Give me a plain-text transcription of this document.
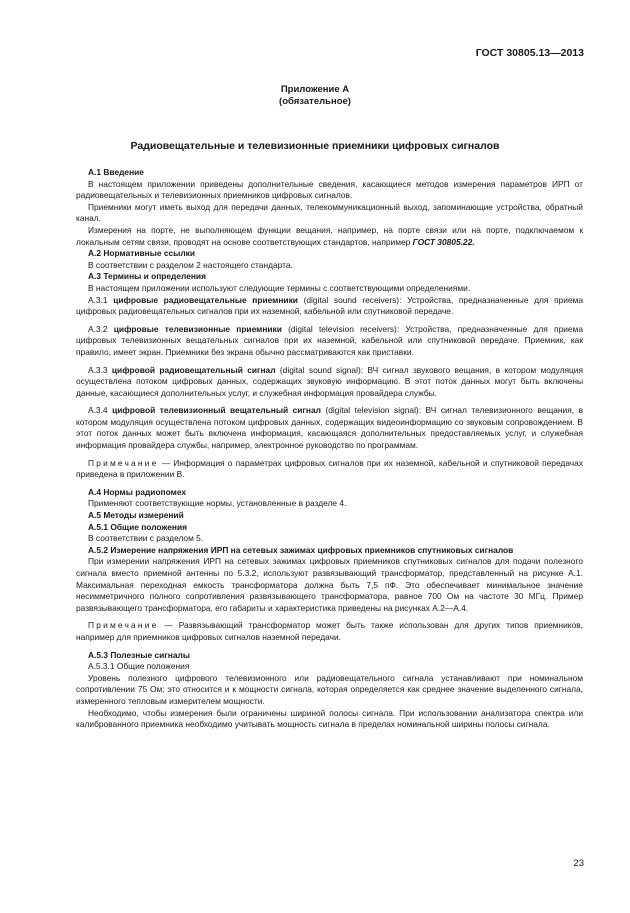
ГОСТ 30805.13—2013
Приложение А
(обязательное)
Радиовещательные и телевизионные приемники цифровых сигналов

А.1 Введение

В настоящем приложении приведены дополнительные сведения, касающиеся методов измерения параметров ИРП от радиовещательных и телевизионных приемников цифровых сигналов.

Приемники могут иметь выход для передачи данных, телекоммуникационный выход, запоминающие устройства, обратный канал.

Измерения на порте, не выполняющем функции вещания, например, на порте связи или на порте, подключаемом к локальным сетям связи, проводят на основе соответствующих стандартов, например ГОСТ 30805.22.

А.2 Нормативные ссылки

В соответствии с разделом 2 настоящего стандарта.

А.3 Термины и определения

В настоящем приложении используют следующие термины с соответствующими определениями.

А.3.1 цифровые радиовещательные приемники (digital sound receivers): Устройства, предназначенные для приема цифровых радиовещательных сигналов при их наземной, кабельной или спутниковой передаче.

А.3.2 цифровые телевизионные приемники (digital television receivers): Устройства, предназначенные для приема цифровых телевизионных вещательных сигналов при их наземной, кабельной или спутниковой передаче. Приемник, как правило, имеет экран. Приемники без экрана обычно рассматриваются как приставки.

А.3.3 цифровой радиовещательный сигнал (digital sound signal): ВЧ сигнал звукового вещания, в котором модуляция осуществлена потоком цифровых данных, содержащих звуковую информацию. В этот поток данных могут быть включены данные, касающиеся дополнительных услуг, и служебная информация провайдера службы.

А.3.4 цифровой телевизионный вещательный сигнал (digital television signal): ВЧ сигнал телевизионного вещания, в котором модуляция осуществлена потоком цифровых данных, содержащих видеоинформацию со звуковым сопровождением. В этот поток данных может быть включена информация, касающаяся дополнительных предоставляемых услуг, и служебная информация провайдера службы, например, электронное руководство по программам.

Примечание — Информация о параметрах цифровых сигналов при их наземной, кабельной и спутниковой передачах приведена в приложении В.

А.4 Нормы радиопомех

Применяют соответствующие нормы, установленные в разделе 4.

А.5 Методы измерений

А.5.1 Общие положения

В соответствии с разделом 5.

А.5.2 Измерение напряжения ИРП на сетевых зажимах цифровых приемников спутниковых сигналов

При измерении напряжения ИРП на сетевых зажимах цифровых приемников спутниковых сигналов для подачи полезного сигнала вместо приемной антенны по 5.3.2, используют развязывающий трансформатор, представленный на рисунке А.1. Максимальная переходная емкость трансформатора должна быть 7,5 пФ. Это обеспечивает минимальное значение несимметричного полного сопротивления развязывающего трансформатора, равное 700 Ом на частоте 30 МГц. Пример развязывающего трансформатора, его габариты и характеристика приведены на рисунках А.2—А.4.

Примечание — Развязывающий трансформатор может быть также использован для других типов приемников, например для приемников цифровых сигналов наземной передачи.

А.5.3 Полезные сигналы

А.5.3.1 Общие положения

Уровень полезного цифрового телевизионного или радиовещательного сигнала устанавливают при номинальном сопротивлении 75 Ом; это относится и к мощности сигнала, которая определяется как среднее значение выделенного сигнала, измеренного тепловым измерителем мощности.

Необходимо, чтобы измерения были ограничены шириной полосы сигнала. При использовании анализатора спектра или калиброванного приемника необходимо учитывать мощность сигнала в пределах номинальной ширины полосы сигнала.

23
